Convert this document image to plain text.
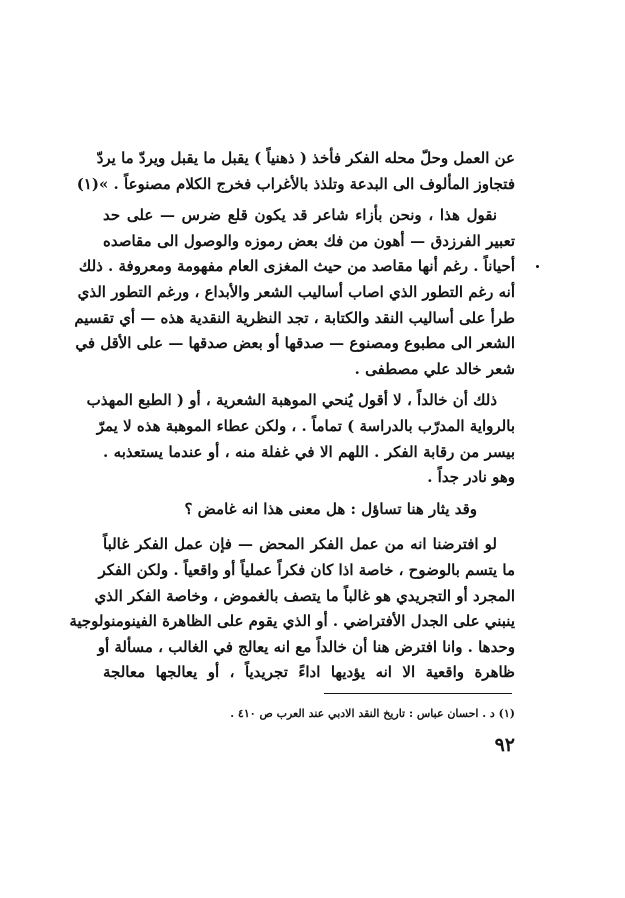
عن العمل وحلّ محله الفكر فأخذ ( ذهنياً ) يقبل ما يقبل ويردّ ما يردّ
فتجاوز المألوف الى البدعة وتلذذ بالأغراب فخرج الكلام مصنوعاً . »(١)
نقول هذا ، ونحن بأزاء شاعر قد يكون قلع ضرس — على حد
تعبير الفرزدق — أهون من فك بعض رموزه والوصول الى مقاصده
أحياناً . رغم أنها مقاصد من حيث المغزى العام مفهومة ومعروفة . ذلك
أنه رغم التطور الذي اصاب أساليب الشعر والأبداع ، ورغم التطور الذي
طرأ على أساليب النقد والكتابة ، تجد النظرية النقدية هذه — أي تقسيم
الشعر الى مطبوع ومصنوع — صدقها أو بعض صدقها — على الأقل في
شعر خالد علي مصطفى .
ذلك أن خالداً ، لا أقول يُنحي الموهبة الشعرية ، أو ( الطبع المهذب
بالرواية المدرّب بالدراسة ) تماماً . ، ولكن عطاء الموهبة هذه لا يمرّ
بيسر من رقابة الفكر . اللهم الا في غفلة منه ، أو عندما يستعذبه .
وهو نادر جداً .
وقد يثار هنا تساؤل : هل معنى هذا انه غامض ؟
لو افترضنا انه من عمل الفكر المحض — فإن عمل الفكر غالباً
ما يتسم بالوضوح ، خاصة اذا كان فكراً عملياً أو واقعياً . ولكن الفكر
المجرد أو التجريدي هو غالباً ما يتصف بالغموض ، وخاصة الفكر الذي
ينبني على الجدل الأفتراضي . أو الذي يقوم على الظاهرة الفينومنولوجية
وحدها . وانا افترض هنا أن خالداً مع انه يعالج في الغالب ، مسألة أو
ظاهرة واقعية الا انه يؤديها اداءً تجريدياً ، أو يعالجها معالجة
(١) د . احسان عباس : تاريخ النقد الادبي عند العرب ص ٤١٠ .
٩٢
